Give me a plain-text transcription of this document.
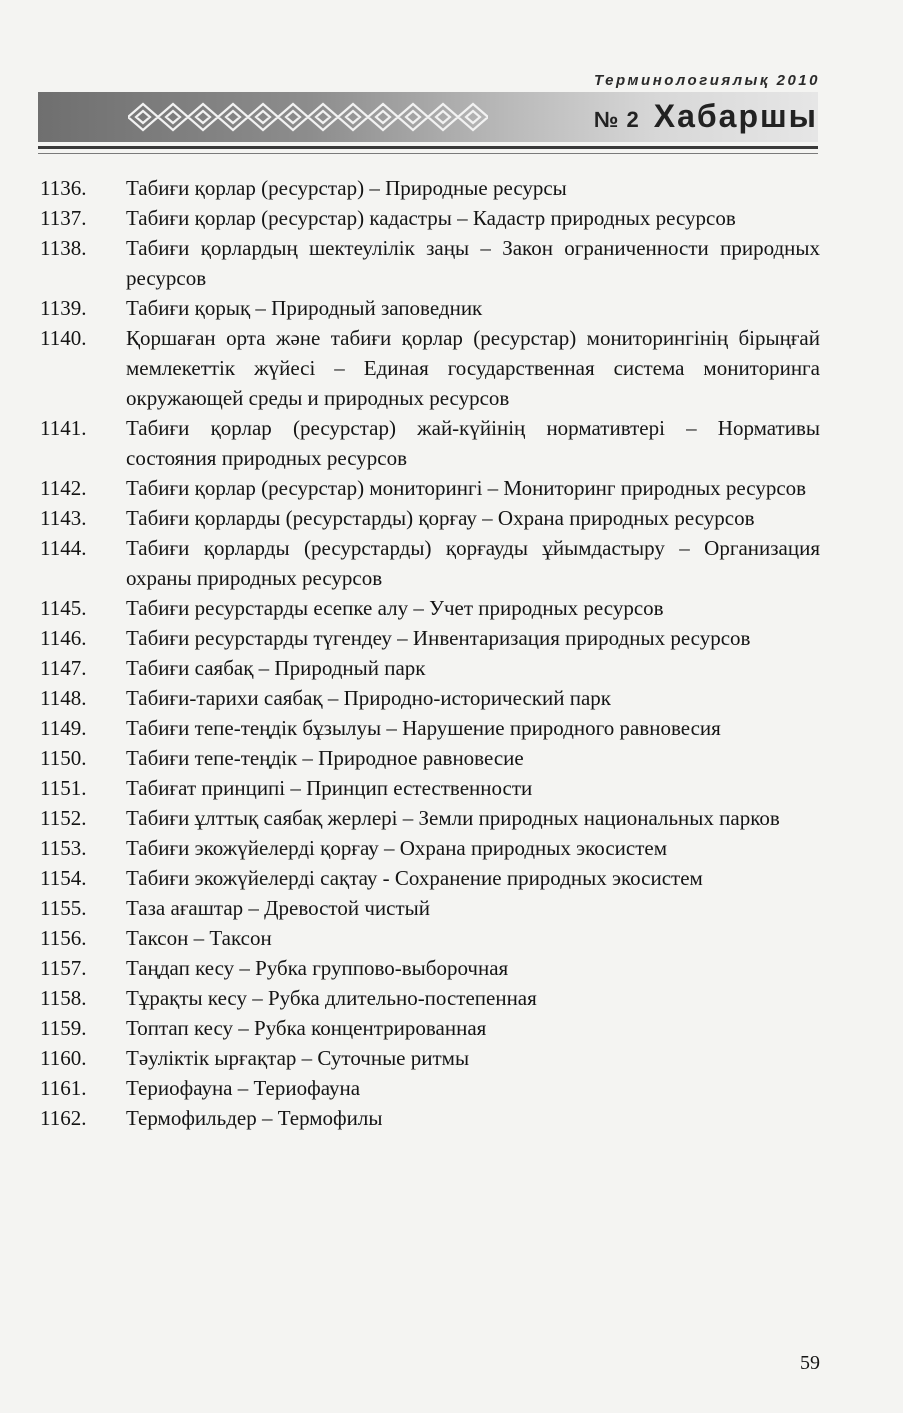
Терминологиялық 2010
№ 2 Хабаршы
1136.	Табиғи қорлар (ресурстар) – Природные ресурсы
1137.	Табиғи қорлар (ресурстар) кадастры – Кадастр природных ресурсов
1138.	Табиғи қорлардың шектеулілік заңы – Закон ограниченности природных ресурсов
1139.	Табиғи қорық – Природный заповедник
1140.	Қоршаған орта және табиғи қорлар (ресурстар) мониторингінің бірыңғай мемлекеттік жүйесі – Единая государственная система мониторинга окружающей среды и природных ресурсов
1141.	Табиғи қорлар (ресурстар) жай-күйінің нормативтері – Нормативы состояния природных ресурсов
1142.	Табиғи қорлар (ресурстар) мониторингі – Мониторинг природных ресурсов
1143.	Табиғи қорларды (ресурстарды) қорғау – Охрана природных ресурсов
1144.	Табиғи қорларды (ресурстарды) қорғауды ұйымдастыру – Организация охраны природных ресурсов
1145.	Табиғи ресурстарды есепке алу – Учет природных ресурсов
1146.	Табиғи ресурстарды түгендеу – Инвентаризация природных ресурсов
1147.	Табиғи саябақ – Природный парк
1148.	Табиғи-тарихи саябақ – Природно-исторический парк
1149.	Табиғи тепе-теңдік бұзылуы – Нарушение природного равновесия
1150.	Табиғи тепе-теңдік – Природное равновесие
1151.	Табиғат принципі – Принцип естественности
1152.	Табиғи ұлттық саябақ жерлері – Земли природных национальных парков
1153.	Табиғи экожүйелерді қорғау – Охрана природных экосистем
1154.	Табиғи экожүйелерді сақтау - Сохранение природных экосистем
1155.	Таза ағаштар – Древостой чистый
1156.	Таксон – Таксон
1157.	Таңдап кесу – Рубка группово-выборочная
1158.	Тұрақты кесу – Рубка длительно-постепенная
1159.	Топтап кесу – Рубка концентрированная
1160.	Тәуліктік ырғақтар – Суточные ритмы
1161.	Териофауна – Териофауна
1162.	Термофильдер – Термофилы
59
